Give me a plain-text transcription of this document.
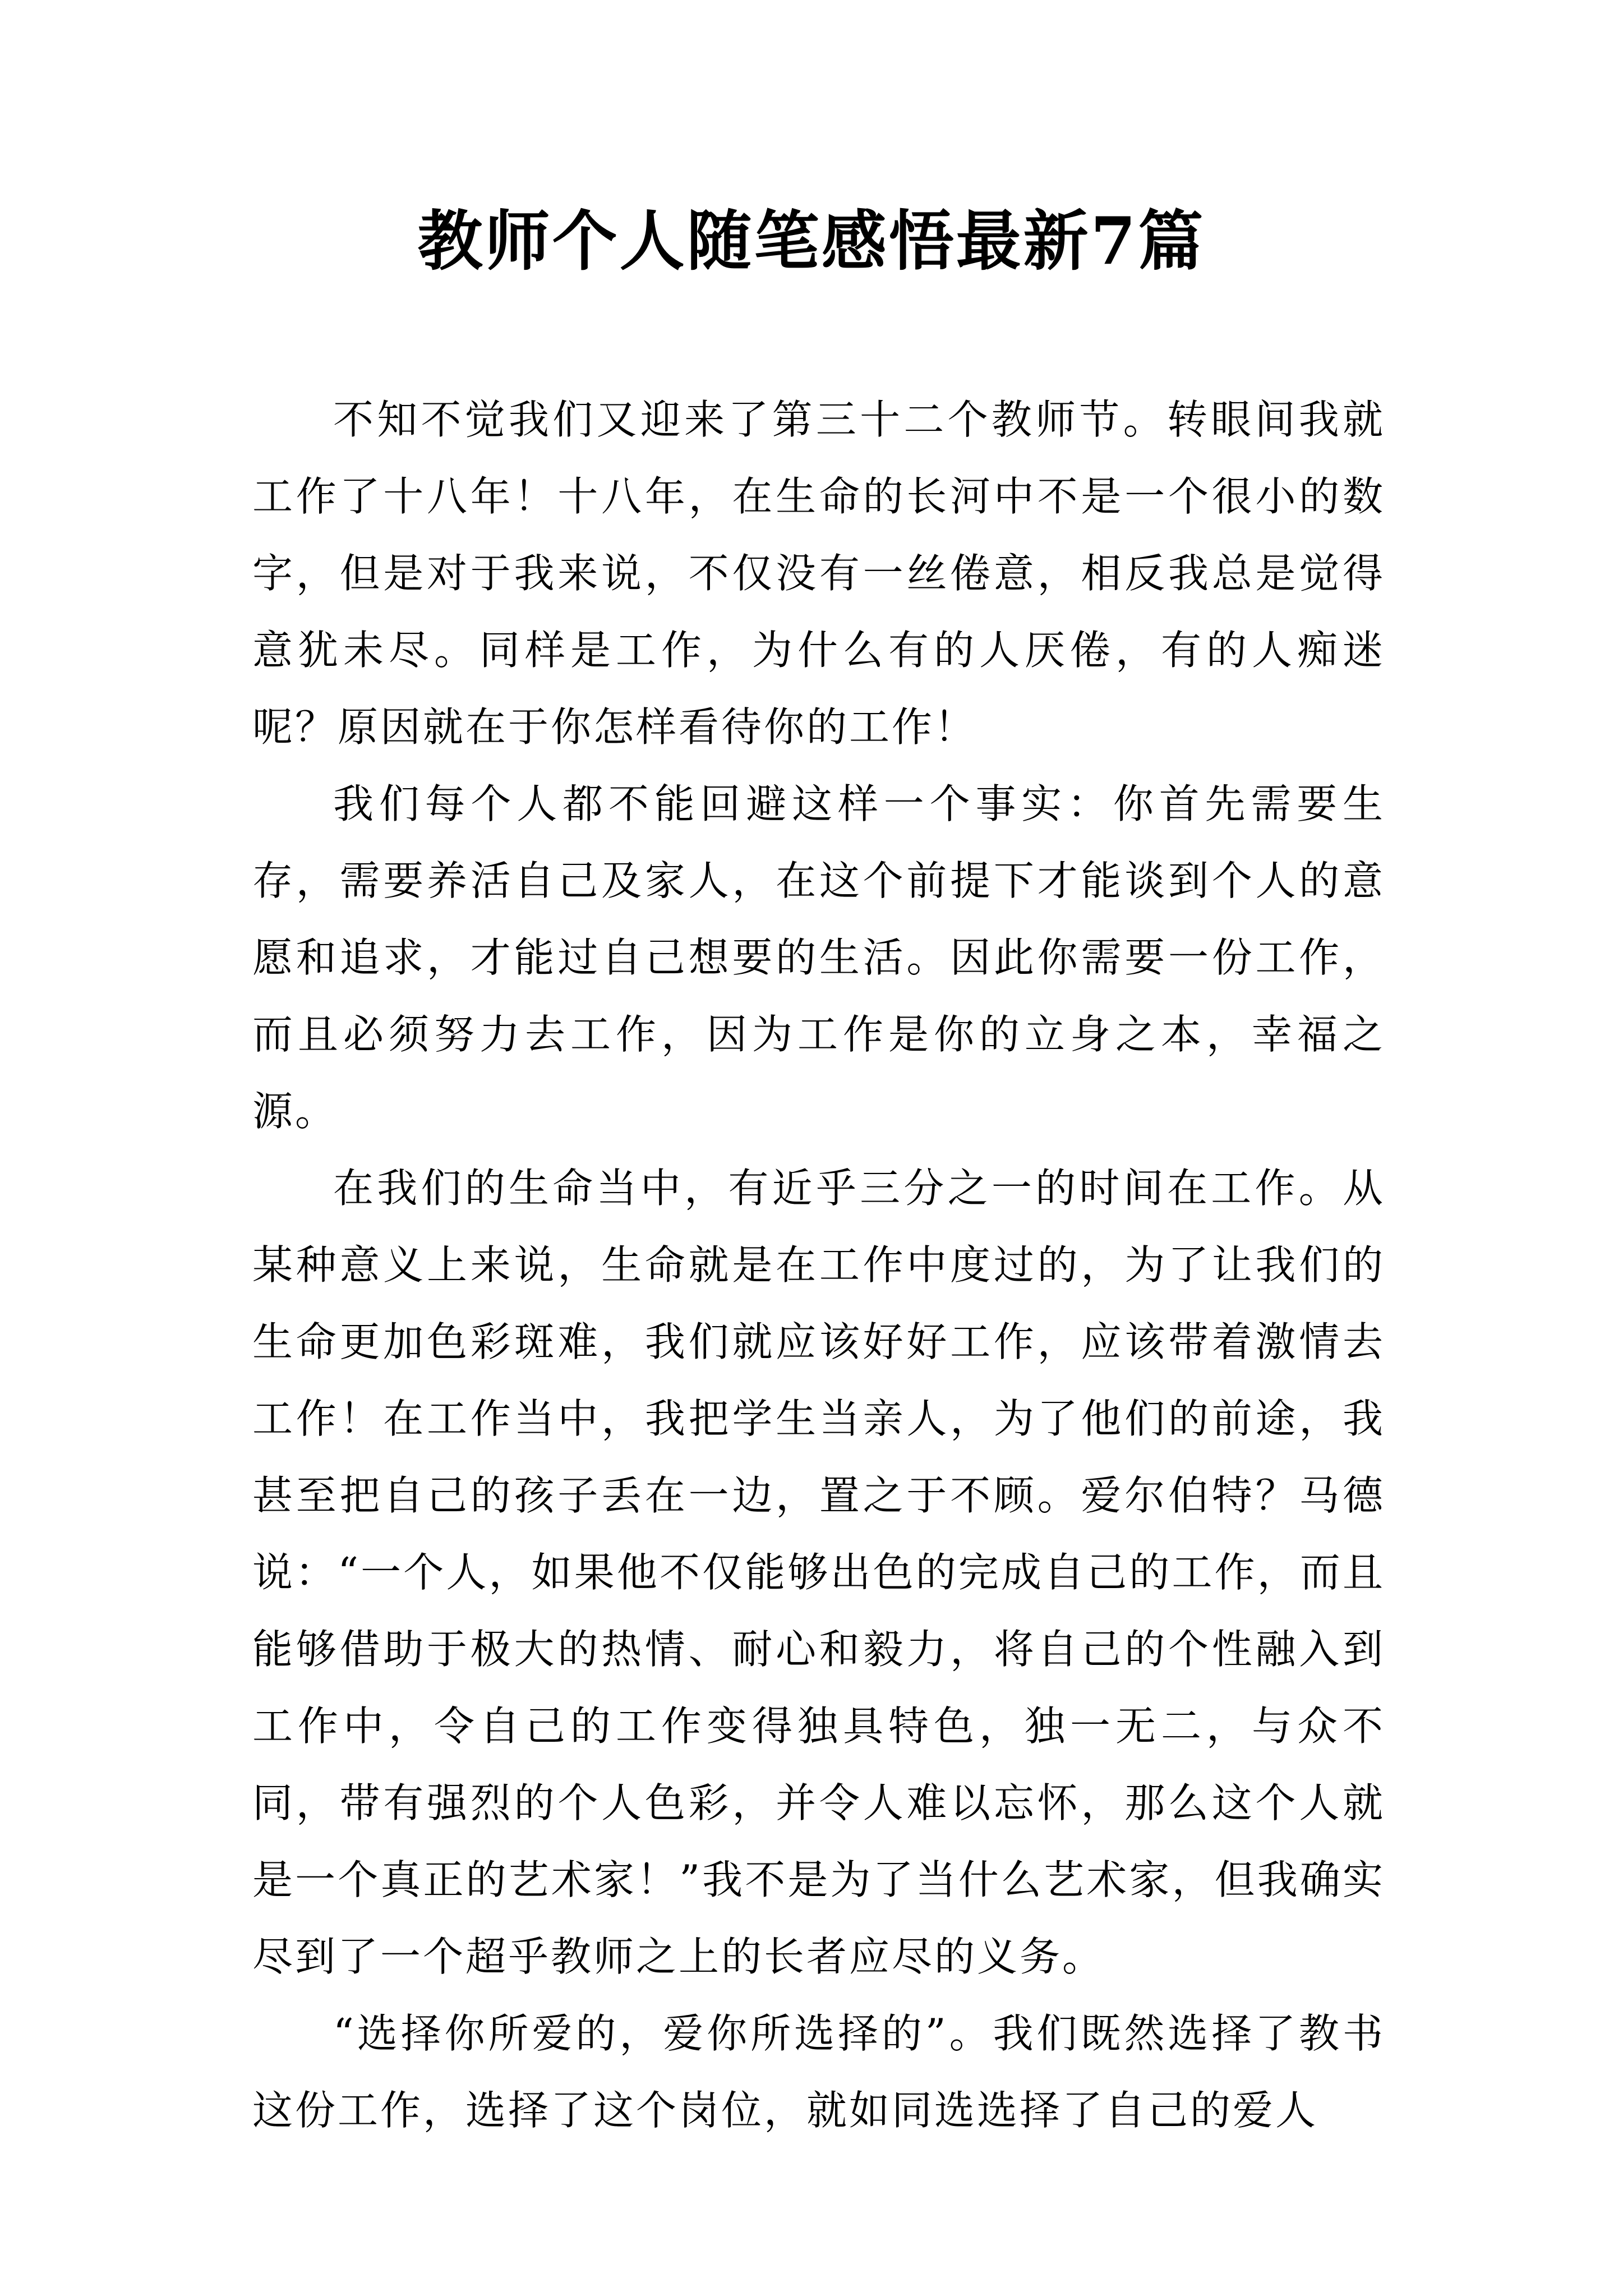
教师个人随笔感悟最新7篇

不知不觉我们又迎来了第三十二个教师节。转眼间我就工作了十八年！十八年，在生命的长河中不是一个很小的数字，但是对于我来说，不仅没有一丝倦意，相反我总是觉得意犹未尽。同样是工作，为什么有的人厌倦，有的人痴迷呢？原因就在于你怎样看待你的工作！

我们每个人都不能回避这样一个事实：你首先需要生存，需要养活自己及家人，在这个前提下才能谈到个人的意愿和追求，才能过自己想要的生活。因此你需要一份工作，而且必须努力去工作，因为工作是你的立身之本，幸福之源。

在我们的生命当中，有近乎三分之一的时间在工作。从某种意义上来说，生命就是在工作中度过的，为了让我们的生命更加色彩斑难，我们就应该好好工作，应该带着激情去工作！在工作当中，我把学生当亲人，为了他们的前途，我甚至把自己的孩子丢在一边，置之于不顾。爱尔伯特？马德说：“一个人，如果他不仅能够出色的完成自己的工作，而且能够借助于极大的热情、耐心和毅力，将自己的个性融入到工作中，令自己的工作变得独具特色，独一无二，与众不同，带有强烈的个人色彩，并令人难以忘怀，那么这个人就是一个真正的艺术家！”我不是为了当什么艺术家，但我确实尽到了一个超乎教师之上的长者应尽的义务。

“选择你所爱的，爱你所选择的”。我们既然选择了教书这份工作，选择了这个岗位，就如同选选择了自己的爱人
